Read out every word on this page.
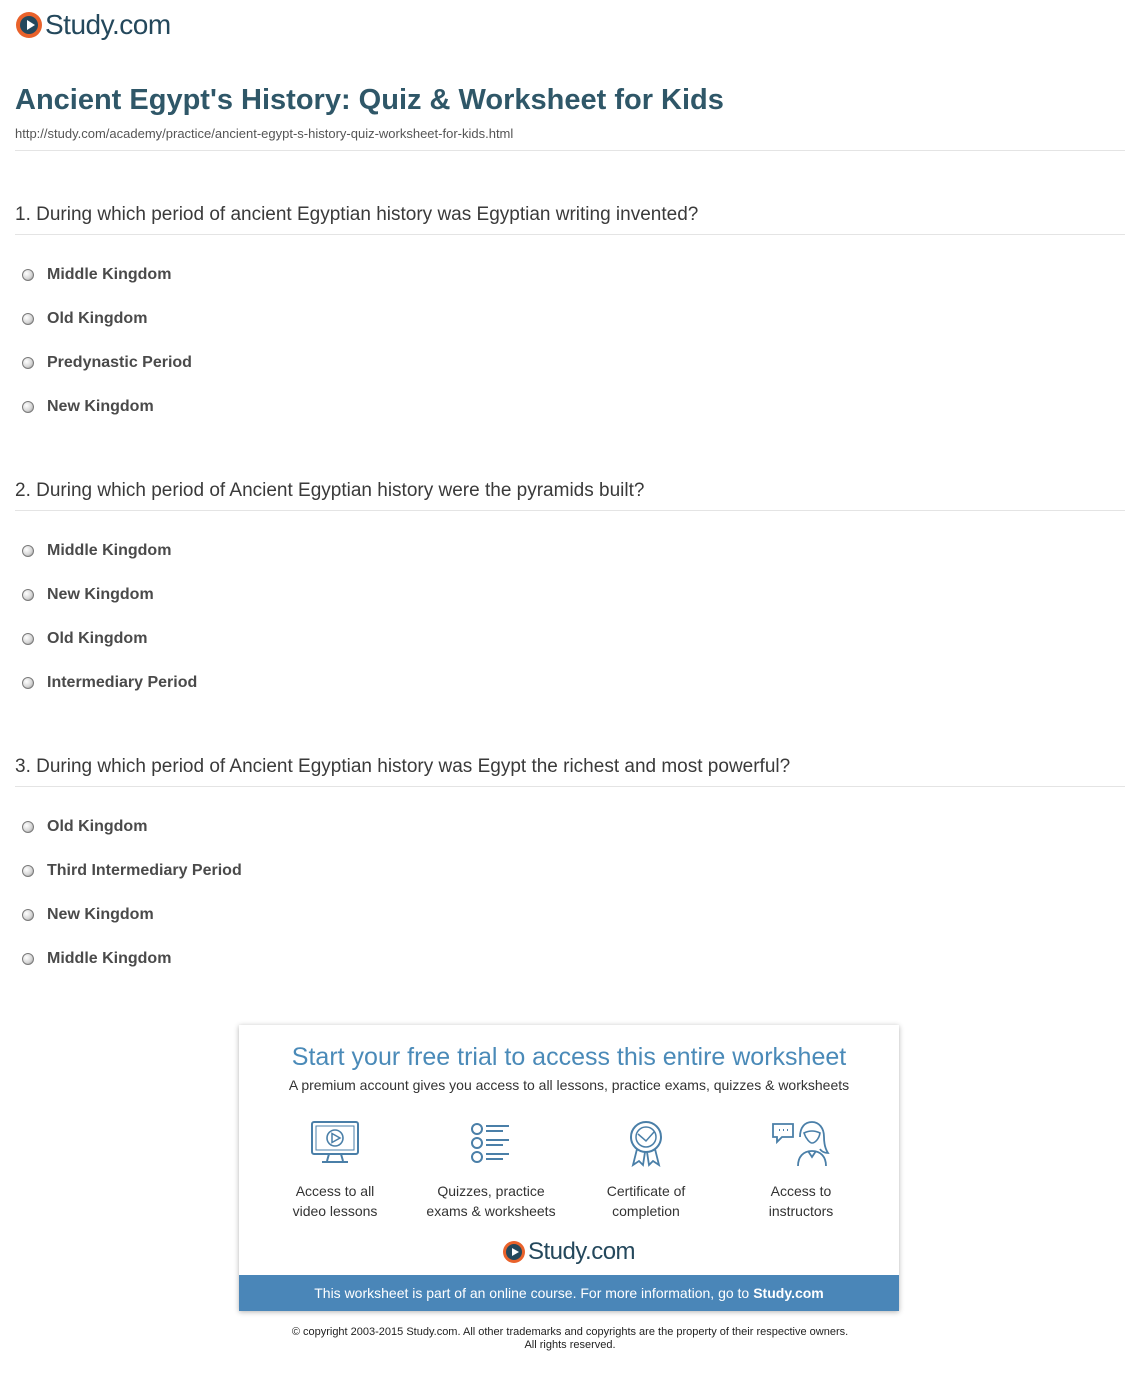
Study.com
Ancient Egypt's History: Quiz & Worksheet for Kids
http://study.com/academy/practice/ancient-egypt-s-history-quiz-worksheet-for-kids.html
1. During which period of ancient Egyptian history was Egyptian writing invented?
Middle Kingdom
Old Kingdom
Predynastic Period
New Kingdom
2. During which period of Ancient Egyptian history were the pyramids built?
Middle Kingdom
New Kingdom
Old Kingdom
Intermediary Period
3. During which period of Ancient Egyptian history was Egypt the richest and most powerful?
Old Kingdom
Third Intermediary Period
New Kingdom
Middle Kingdom
Start your free trial to access this entire worksheet
A premium account gives you access to all lessons, practice exams, quizzes & worksheets
Access to all
video lessons
Quizzes, practice
exams & worksheets
Certificate of
completion
Access to
instructors
Study.com
This worksheet is part of an online course. For more information, go to Study.com
© copyright 2003-2015 Study.com. All other trademarks and copyrights are the property of their respective owners.
All rights reserved.
